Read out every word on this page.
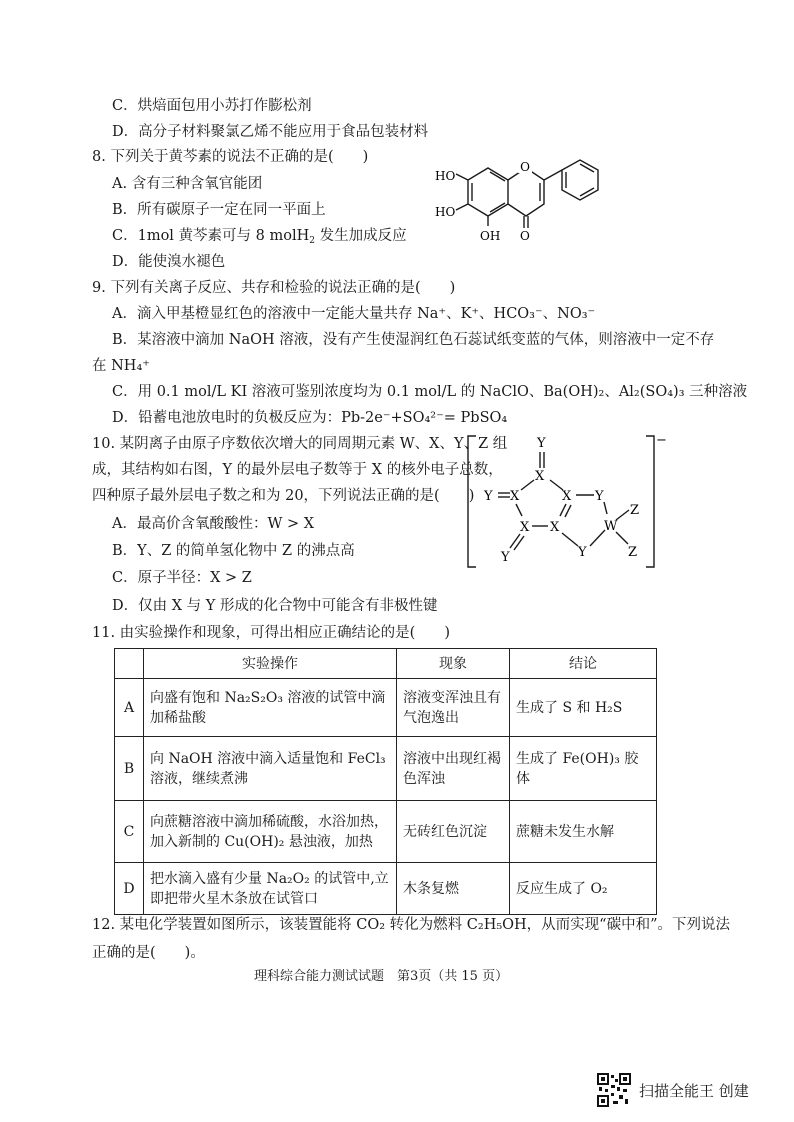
C．烘焙面包用小苏打作膨松剂
D．高分子材料聚氯乙烯不能应用于食品包装材料
8. 下列关于黄芩素的说法不正确的是(　　)
A. 含有三种含氧官能团
B．所有碳原子一定在同一平面上
C．1mol 黄芩素可与 8 molH$_2$ 发生加成反应
D．能使溴水褪色
O
HO
HO
OH O
9. 下列有关离子反应、共存和检验的说法正确的是(　　)
A．滴入甲基橙显红色的溶液中一定能大量共存 Na⁺、K⁺、HCO₃⁻、NO₃⁻
B．某溶液中滴加 NaOH 溶液，没有产生使湿润红色石蕊试纸变蓝的气体，则溶液中一定不存
在 NH₄⁺
C．用 0.1 mol/L KI 溶液可鉴别浓度均为 0.1 mol/L 的 NaClO、Ba(OH)₂、Al₂(SO₄)₃ 三种溶液
D．铅蓄电池放电时的负极反应为：Pb-2e⁻+SO₄²⁻= PbSO₄
10. 某阴离子由原子序数依次增大的同周期元素 W、X、Y、Z 组
成，其结构如右图，Y 的最外层电子数等于 X 的核外电子总数，
四种原子最外层电子数之和为 20，下列说法正确的是(　　)
A．最高价含氧酸酸性：W > X
B．Y、Z 的简单氢化物中 Z 的沸点高
C．原子半径：X > Z
D．仅由 X 与 Y 形成的化合物中可能含有非极性键
Y
X
X
Y	X Y
X X	W
Y
Y
Z
Z
−
11. 由实验操作和现象，可得出相应正确结论的是(　　)
	实验操作	现象	结论
A	向盛有饱和 Na₂S₂O₃ 溶液的试管中滴加稀盐酸	溶液变浑浊且有气泡逸出	生成了 S 和 H₂S
B	向 NaOH 溶液中滴入适量饱和 FeCl₃ 溶液，继续煮沸	溶液中出现红褐色浑浊	生成了 Fe(OH)₃ 胶体
C	向蔗糖溶液中滴加稀硫酸，水浴加热，加入新制的 Cu(OH)₂ 悬浊液，加热	无砖红色沉淀	蔗糖未发生水解
D	把水滴入盛有少量 Na₂O₂ 的试管中,立即把带火星木条放在试管口	木条复燃	反应生成了 O₂
12. 某电化学装置如图所示，该装置能将 CO₂ 转化为燃料 C₂H₅OH，从而实现“碳中和”。下列说法
正确的是(　　)。
理科综合能力测试试题　第3页（共 15 页）
扫描全能王 创建
